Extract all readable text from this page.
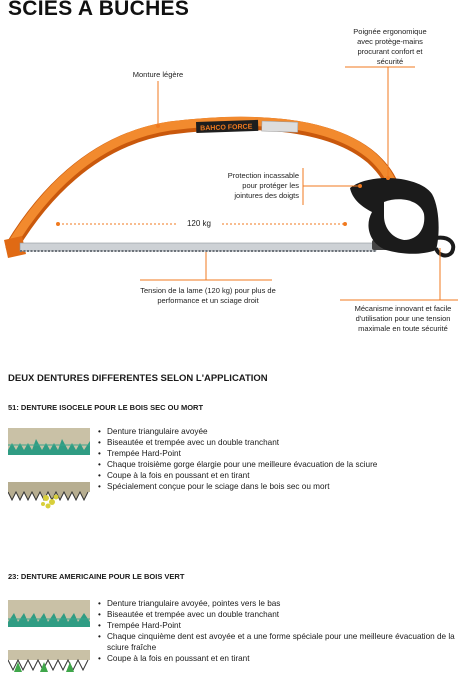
SCIES A BUCHES
BAHCO FORCE
Poignée ergonomique avec protège-mains procurant confort et sécurité
Monture légère
Protection incassable pour protéger les jointures des doigts
120 kg
Tension de la lame (120 kg) pour plus de performance et un sciage droit
Mécanisme innovant et facile d'utilisation pour une tension maximale en toute sécurité
DEUX DENTURES DIFFERENTES SELON L'APPLICATION
51: DENTURE ISOCELE POUR LE BOIS SEC OU MORT
• Denture triangulaire avoyée
• Biseautée et trempée avec un double tranchant
• Trempée Hard-Point
• Chaque troisième gorge élargie pour une meilleure évacuation de la sciure
• Coupe à la fois en poussant et en tirant
• Spécialement conçue pour le sciage dans le bois sec ou mort
23: DENTURE AMERICAINE POUR LE BOIS VERT
• Denture triangulaire avoyée, pointes vers le bas
• Biseautée et trempée avec un double tranchant
• Trempée Hard-Point
• Chaque cinquième dent est avoyée et a une forme spéciale pour une meilleure évacuation de la sciure fraîche
• Coupe à la fois en poussant et en tirant
